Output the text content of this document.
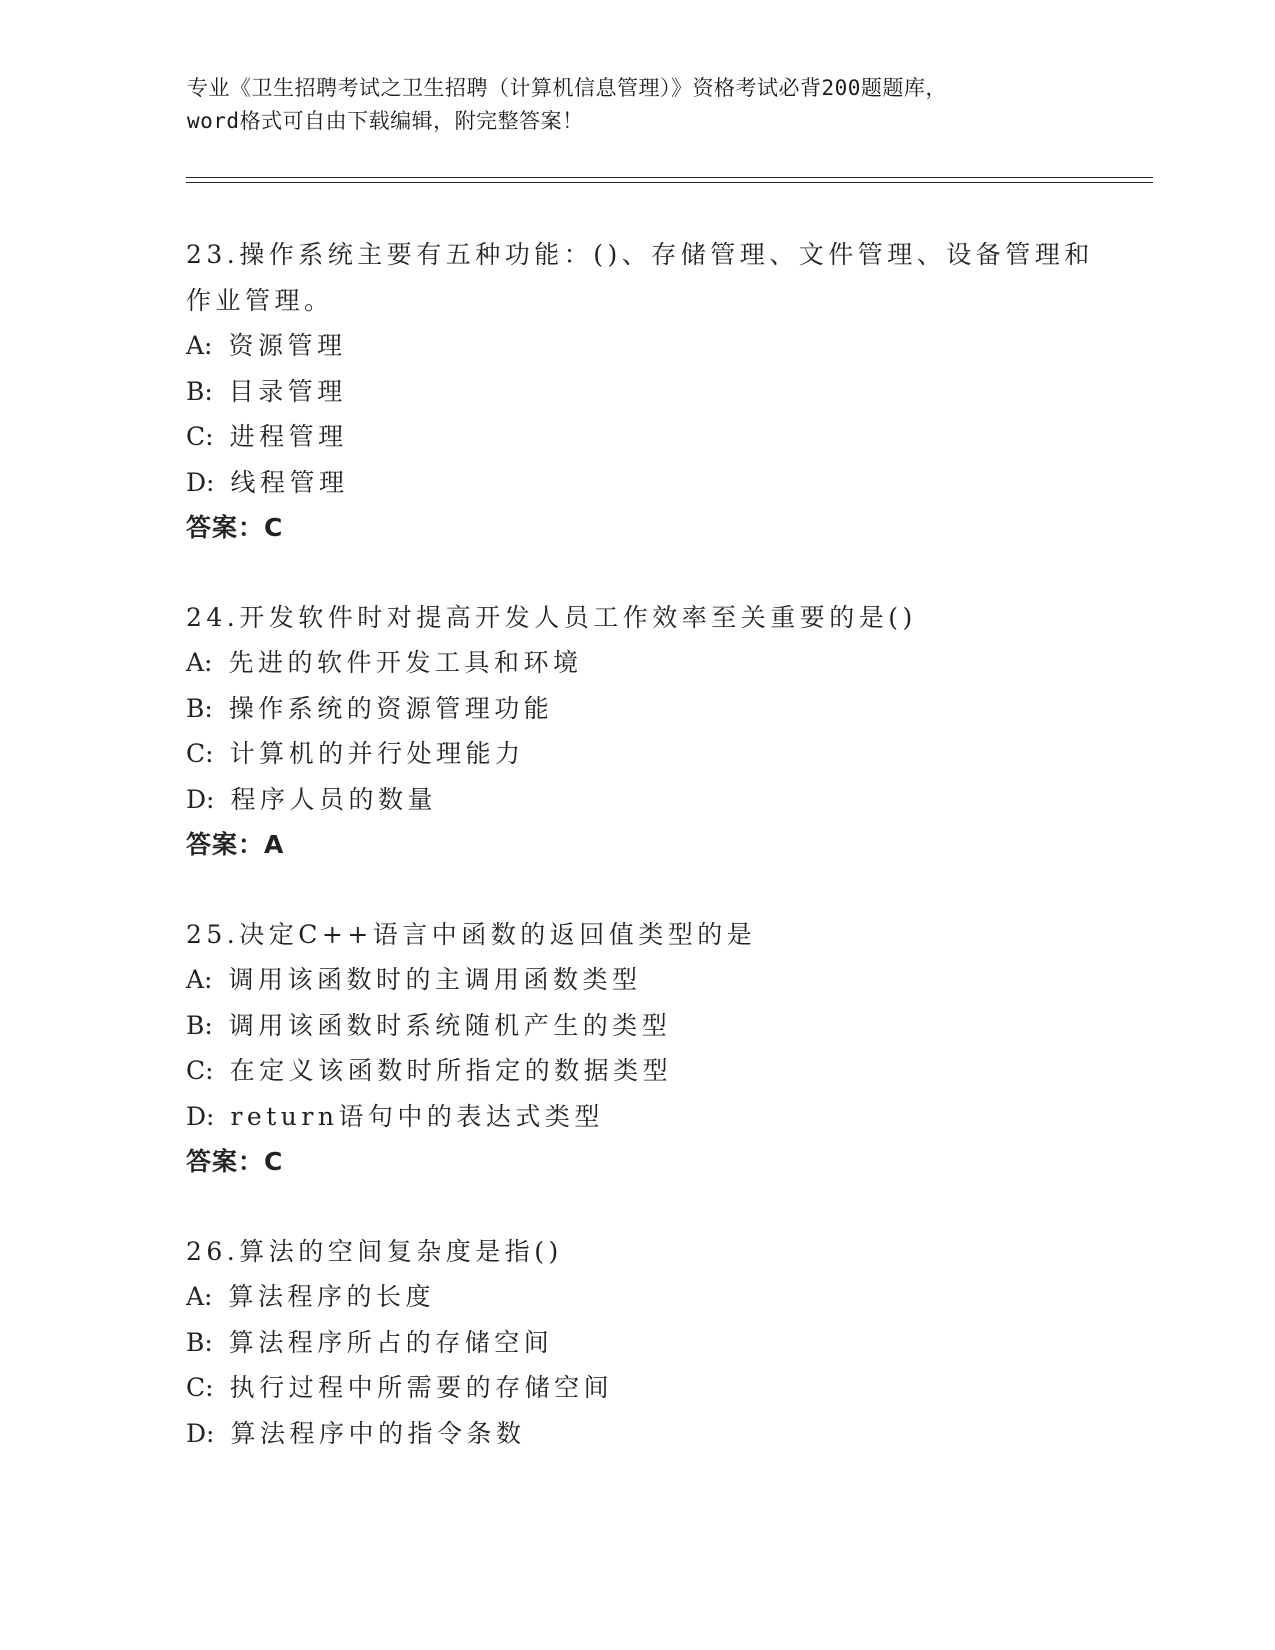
专业《卫生招聘考试之卫生招聘（计算机信息管理）》资格考试必背200题题库，

word格式可自由下载编辑，附完整答案！

23.操作系统主要有五种功能：()、存储管理、文件管理、设备管理和
作业管理。
A: 资源管理
B: 目录管理
C: 进程管理
D: 线程管理
答案：C
24.开发软件时对提高开发人员工作效率至关重要的是()
A: 先进的软件开发工具和环境
B: 操作系统的资源管理功能
C: 计算机的并行处理能力
D: 程序人员的数量
答案：A
25.决定C++语言中函数的返回值类型的是
A: 调用该函数时的主调用函数类型
B: 调用该函数时系统随机产生的类型
C: 在定义该函数时所指定的数据类型
D: return语句中的表达式类型
答案：C
26.算法的空间复杂度是指()
A: 算法程序的长度
B: 算法程序所占的存储空间
C: 执行过程中所需要的存储空间
D: 算法程序中的指令条数
